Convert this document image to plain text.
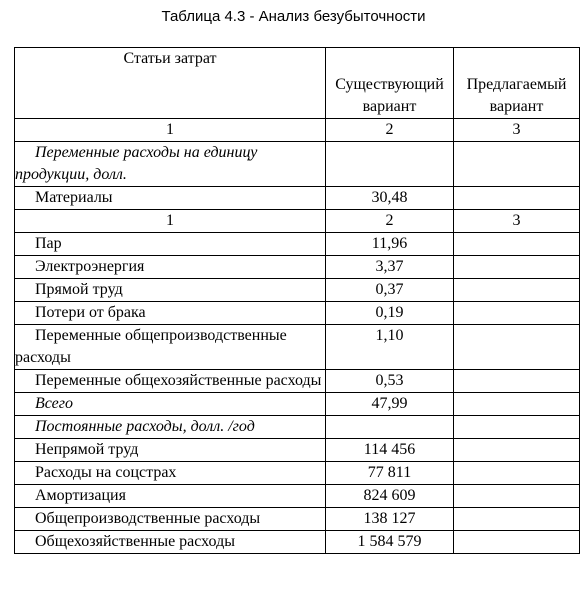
Таблица 4.3 - Анализ безубыточности
Статьи затрат	Существующий вариант	Предлагаемый вариант
1	2	3
Переменные расходы на единицу продукции, долл.		
Материалы	30,48	
1	2	3
Пар	11,96	
Электроэнергия	3,37	
Прямой труд	0,37	
Потери от брака	0,19	
Переменные общепроизводственные расходы	1,10	
Переменные общехозяйственные расходы	0,53	
Всего	47,99	
Постоянные расходы, долл. /год		
Непрямой труд	114 456	
Расходы на соцстрах	77 811	
Амортизация	824 609	
Общепроизводственные расходы	138 127	
Общехозяйственные расходы	1 584 579	
